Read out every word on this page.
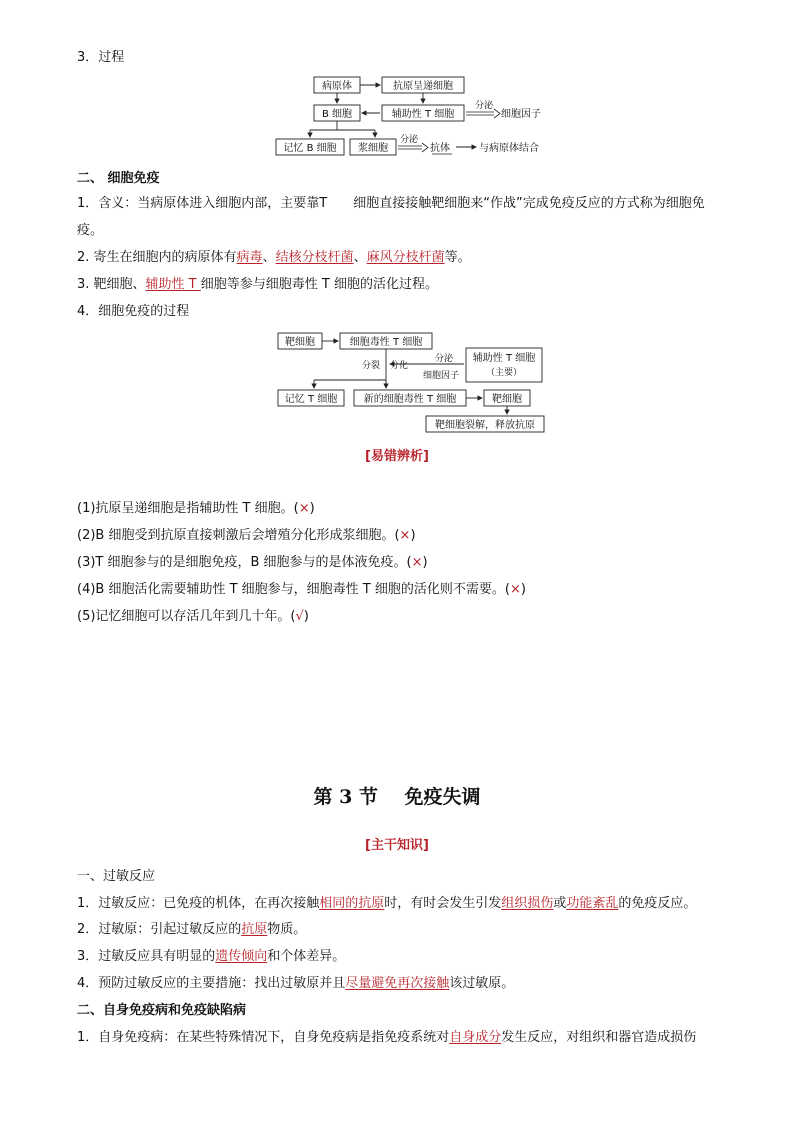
3．过程
病原体	抗原呈递细胞
B 细胞	辅助性 T 细胞
分泌
细胞因子
记忆 B 细胞 浆细胞
分泌
抗体	与病原体结合
二、 细胞免疫
1．含义：当病原体进入细胞内部，主要靠T 细胞直接接触靶细胞来“作战”完成免疫反应的方式称为细胞免
疫。
2. 寄生在细胞内的病原体有病毒、结核分枝杆菌、麻风分枝杆菌等。
3. 靶细胞、辅助性 T 细胞等参与细胞毒性 T 细胞的活化过程。
4．细胞免疫的过程
靶细胞	细胞毒性 T 细胞
分裂 分化
分泌
细胞因子
辅助性 T 细胞
（主要）
记忆 T 细胞	新的细胞毒性 T 细胞	靶细胞
靶细胞裂解，释放抗原
[易错辨析]
(1)抗原呈递细胞是指辅助性 T 细胞。(×)
(2)B 细胞受到抗原直接刺激后会增殖分化形成浆细胞。(×)
(3)T 细胞参与的是细胞免疫，B 细胞参与的是体液免疫。(×)
(4)B 细胞活化需要辅助性 T 细胞参与，细胞毒性 T 细胞的活化则不需要。(×)
(5)记忆细胞可以存活几年到几十年。(√)
第 3 节    免疫失调
[主干知识]
一、过敏反应
1．过敏反应：已免疫的机体，在再次接触相同的抗原时，有时会发生引发组织损伤或功能紊乱的免疫反应。
2．过敏原：引起过敏反应的抗原物质。
3．过敏反应具有明显的遗传倾向和个体差异。
4．预防过敏反应的主要措施：找出过敏原并且尽量避免再次接触该过敏原。
二、自身免疫病和免疫缺陷病
1．自身免疫病：在某些特殊情况下，自身免疫病是指免疫系统对自身成分发生反应，对组织和器官造成损伤
